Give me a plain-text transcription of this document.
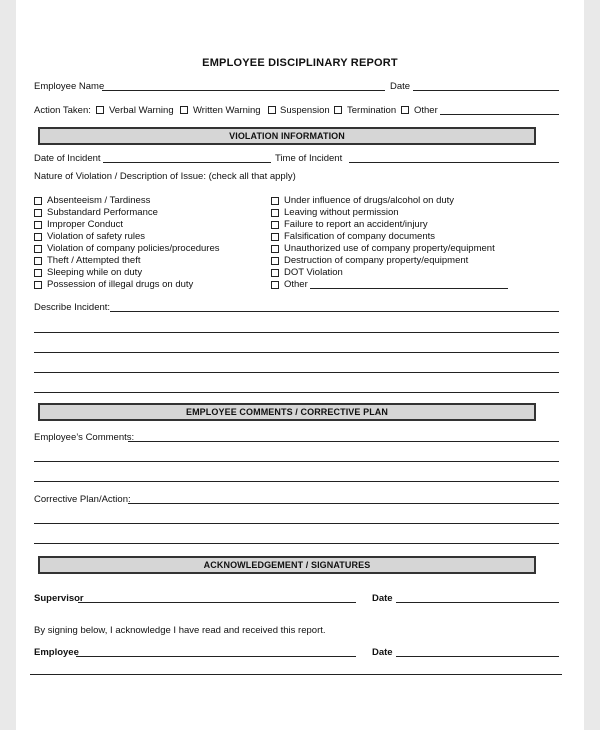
EMPLOYEE DISCIPLINARY REPORT
Employee Name	Date
Action Taken: Verbal Warning Written Warning Suspension Termination Other
VIOLATION INFORMATION
Date of Incident	Time of Incident
Nature of Violation / Description of Issue: (check all that apply)
Absenteeism / Tardiness
Substandard Performance
Improper Conduct
Violation of safety rules
Violation of company policies/procedures
Theft / Attempted theft
Sleeping while on duty
Possession of illegal drugs on duty
Under influence of drugs/alcohol on duty
Leaving without permission
Failure to report an accident/injury
Falsification of company documents
Unauthorized use of company property/equipment
Destruction of company property/equipment
DOT Violation
Other
Describe Incident:
EMPLOYEE COMMENTS / CORRECTIVE PLAN
Employee’s Comments:
Corrective Plan/Action:
ACKNOWLEDGEMENT / SIGNATURES
Supervisor	Date
By signing below, I acknowledge I have read and received this report.
Employee	Date
